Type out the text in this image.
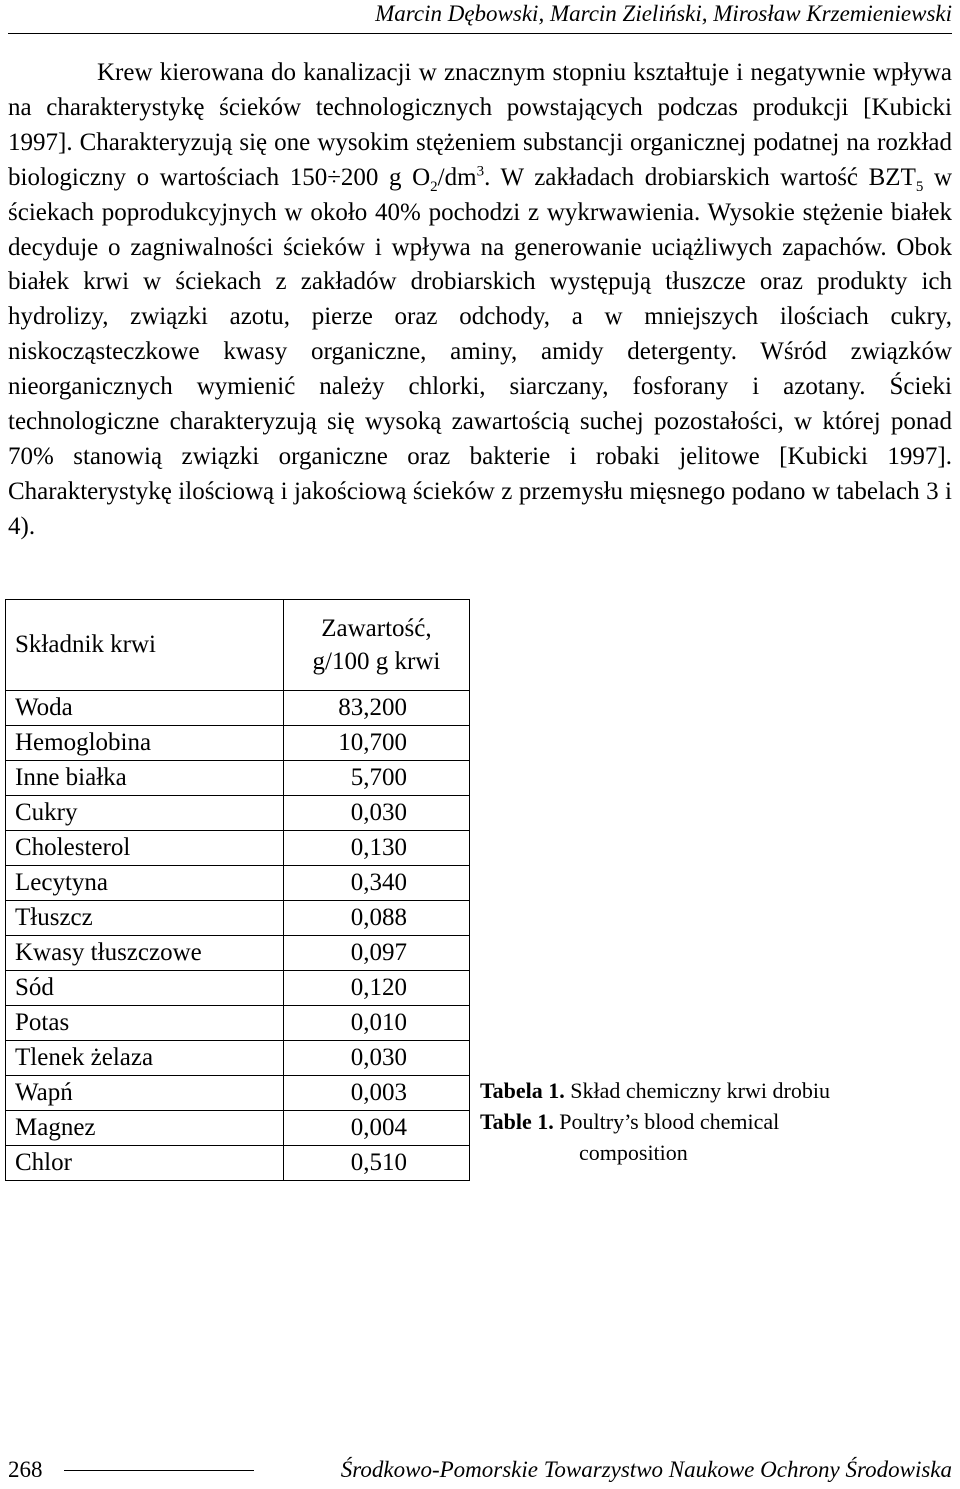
Marcin Dębowski, Marcin Zieliński, Mirosław Krzemieniewski

Krew kierowana do kanalizacji w znacznym stopniu kształtuje i negatywnie wpływa na charakterystykę ścieków technologicznych powstających podczas produkcji [Kubicki 1997]. Charakteryzują się one wysokim stężeniem substancji organicznej podatnej na rozkład biologiczny o wartościach 150÷200 g $O_2/dm^3$. W zakładach drobiarskich wartość $BZT_5$ w ściekach poprodukcyjnych w około 40% pochodzi z wykrwawienia. Wysokie stężenie białek decyduje o zagniwalności ścieków i wpływa na generowanie uciążliwych zapachów. Obok białek krwi w ściekach z zakładów drobiarskich występują tłuszcze oraz produkty ich hydrolizy, związki azotu, pierze oraz odchody, a w mniejszych ilościach cukry, niskocząsteczkowe kwasy organiczne, aminy, amidy detergenty. Wśród związków nieorganicznych wymienić należy chlorki, siarczany, fosforany i azotany. Ścieki technologiczne charakteryzują się wysoką zawartością suchej pozostałości, w której ponad 70% stanowią związki organiczne oraz bakterie i robaki jelitowe [Kubicki 1997]. Charakterystykę ilościową i jakościową ścieków z przemysłu mięsnego podano w tabelach 3 i 4).

Składnik krwi	Zawartość,
g/100 g krwi
Woda	83,200
Hemoglobina	10,700
Inne białka	5,700
Cukry	0,030
Cholesterol	0,130
Lecytyna	0,340
Tłuszcz	0,088
Kwasy tłuszczowe	0,097
Sód	0,120
Potas	0,010
Tlenek żelaza	0,030
Wapń	0,003
Magnez	0,004
Chlor	0,510
Tabela 1. Skład chemiczny krwi drobiu
Table 1. Poultry’s blood chemical
composition
268	Środkowo-Pomorskie Towarzystwo Naukowe Ochrony Środowiska
